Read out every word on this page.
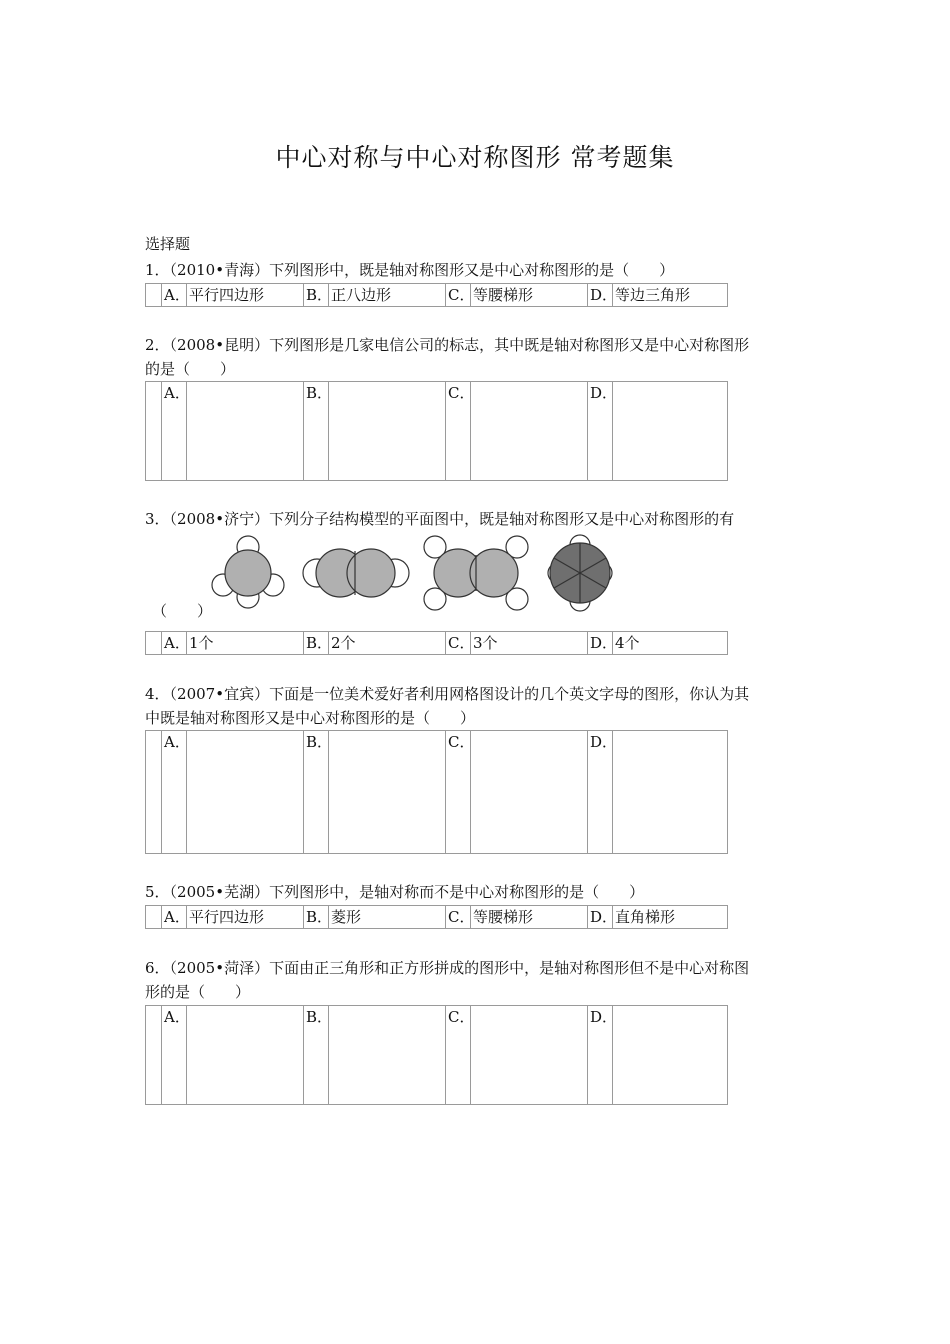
中心对称与中心对称图形 常考题集
选择题
1．（2010•青海）下列图形中，既是轴对称图形又是中心对称图形的是（　　）
	A．	平行四边形	B．	正八边形	C．	等腰梯形	D．	等边三角形
2．（2008•昆明）下列图形是几家电信公司的标志，其中既是轴对称图形又是中心对称图形
的是（　　）
	A．		B．		C．		D．	
3．（2008•济宁）下列分子结构模型的平面图中，既是轴对称图形又是中心对称图形的有
（　　）
	A．	1个	B．	2个	C．	3个	D．	4个
4．（2007•宜宾）下面是一位美术爱好者利用网格图设计的几个英文字母的图形，你认为其
中既是轴对称图形又是中心对称图形的是（　　）
	A．		B．		C．		D．	
5．（2005•芜湖）下列图形中，是轴对称而不是中心对称图形的是（　　）
	A．	平行四边形	B．	菱形	C．	等腰梯形	D．	直角梯形
6．（2005•菏泽）下面由正三角形和正方形拼成的图形中，是轴对称图形但不是中心对称图
形的是（　　）
	A．		B．		C．		D．	
